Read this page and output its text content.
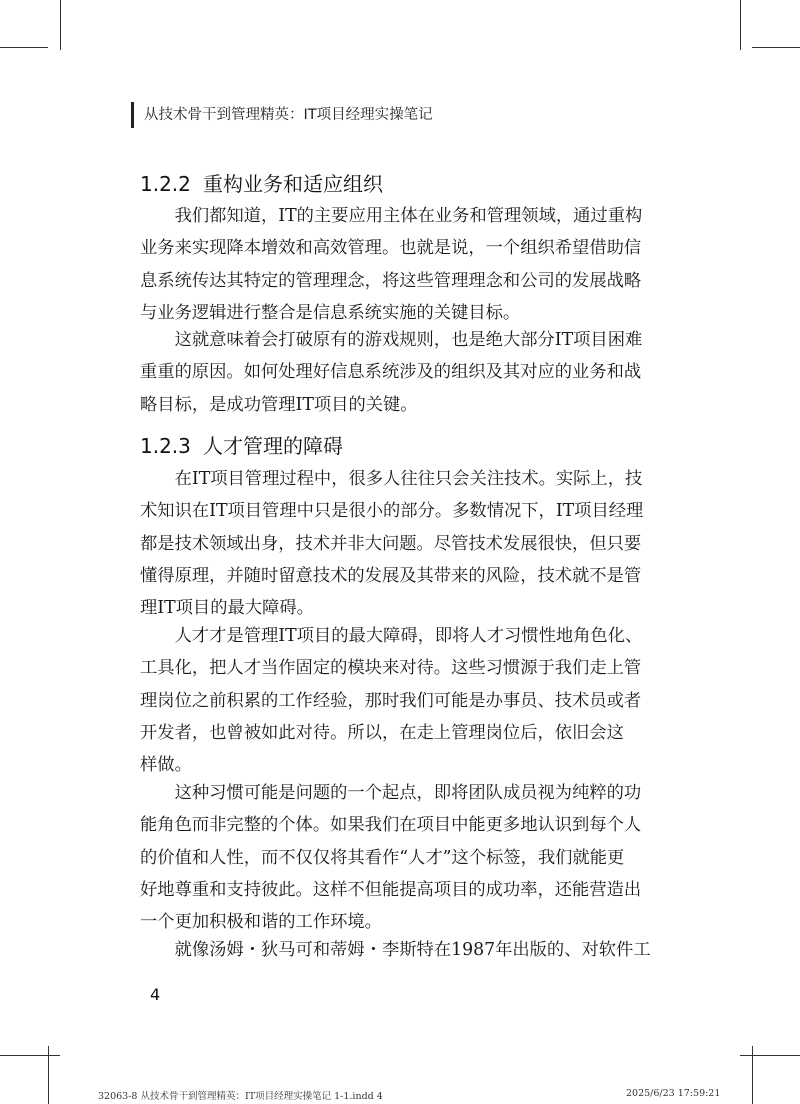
从技术骨干到管理精英：IT项目经理实操笔记
1.2.2 重构业务和适应组织
我们都知道，IT的主要应用主体在业务和管理领域，通过重构
业务来实现降本增效和高效管理。也就是说，一个组织希望借助信
息系统传达其特定的管理理念，将这些管理理念和公司的发展战略
与业务逻辑进行整合是信息系统实施的关键目标。
这就意味着会打破原有的游戏规则，也是绝大部分IT项目困难
重重的原因。如何处理好信息系统涉及的组织及其对应的业务和战
略目标，是成功管理IT项目的关键。
1.2.3 人才管理的障碍
在IT项目管理过程中，很多人往往只会关注技术。实际上，技
术知识在IT项目管理中只是很小的部分。多数情况下，IT项目经理
都是技术领域出身，技术并非大问题。尽管技术发展很快，但只要
懂得原理，并随时留意技术的发展及其带来的风险，技术就不是管
理IT项目的最大障碍。
人才才是管理IT项目的最大障碍，即将人才习惯性地角色化、
工具化，把人才当作固定的模块来对待。这些习惯源于我们走上管
理岗位之前积累的工作经验，那时我们可能是办事员、技术员或者
开发者，也曾被如此对待。所以，在走上管理岗位后，依旧会这
样做。
这种习惯可能是问题的一个起点，即将团队成员视为纯粹的功
能角色而非完整的个体。如果我们在项目中能更多地认识到每个人
的价值和人性，而不仅仅将其看作“人才”这个标签，我们就能更
好地尊重和支持彼此。这样不但能提高项目的成功率，还能营造出
一个更加积极和谐的工作环境。
就像汤姆・狄马可和蒂姆・李斯特在1987年出版的、对软件工
4
32063-8 从技术骨干到管理精英：IT项目经理实操笔记 1-1.indd 4	2025/6/23 17:59:21
